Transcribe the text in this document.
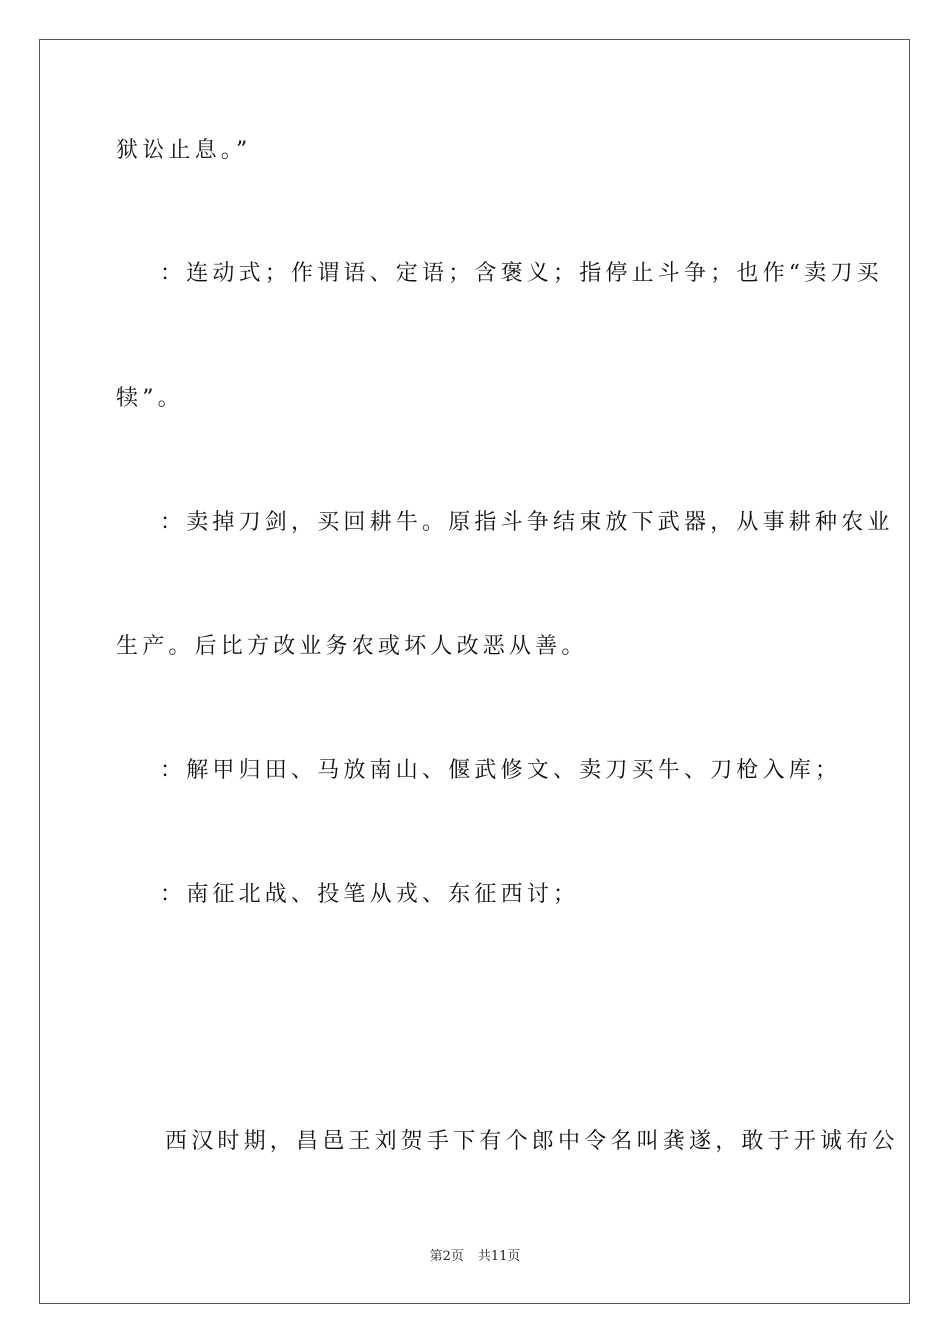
狱讼止息。”
：连动式；作谓语、定语；含褒义；指停止斗争；也作“卖刀买
犊”。
：卖掉刀剑，买回耕牛。原指斗争结束放下武器，从事耕种农业
生产。后比方改业务农或坏人改恶从善。
：解甲归田、马放南山、偃武修文、卖刀买牛、刀枪入库；
：南征北战、投笔从戎、东征西讨；
西汉时期，昌邑王刘贺手下有个郎中令名叫龚遂，敢于开诚布公
第2页 共11页
